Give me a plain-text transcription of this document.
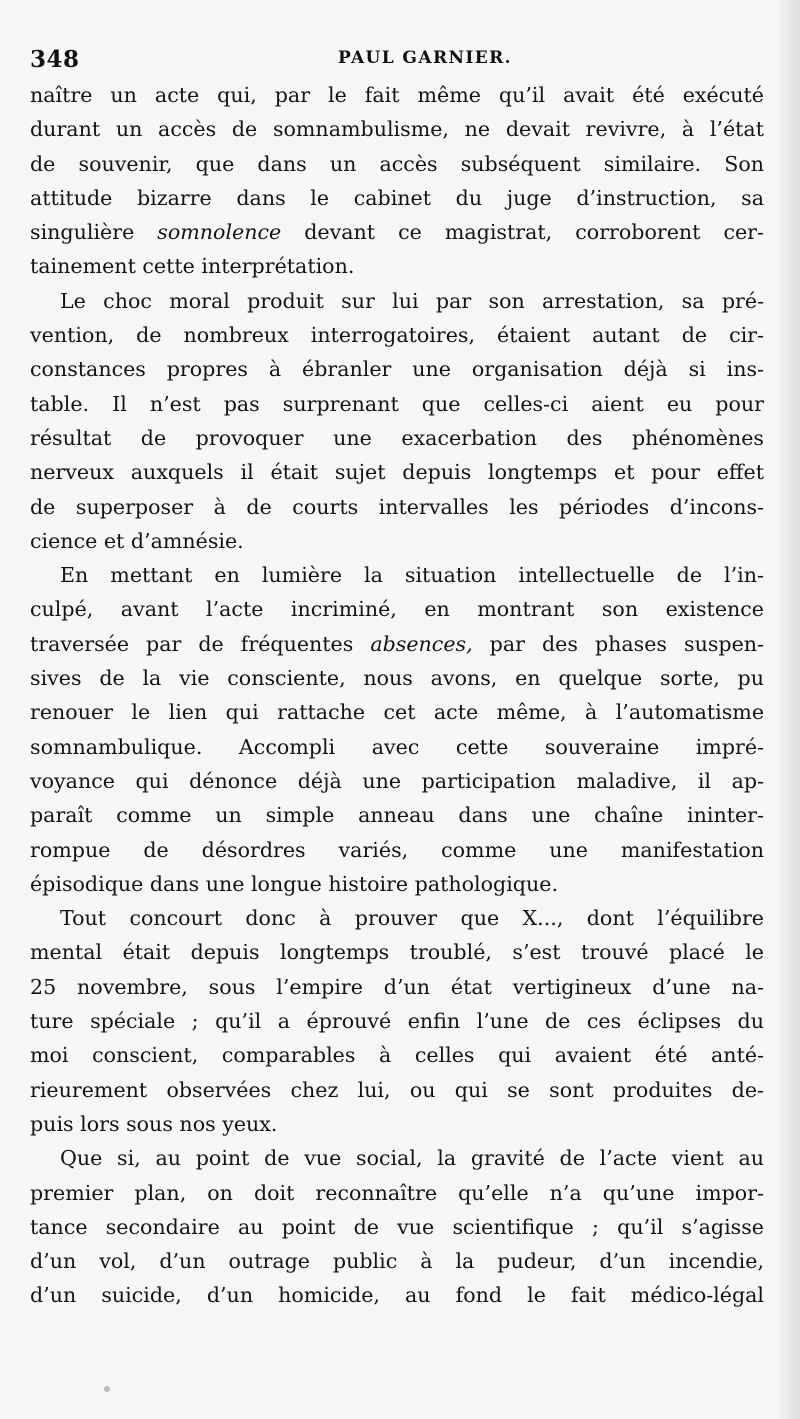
348	PAUL GARNIER.
naître un acte qui, par le fait même qu’il avait été exécuté
durant un accès de somnambulisme, ne devait revivre, à l’état
de souvenir, que dans un accès subséquent similaire. Son
attitude bizarre dans le cabinet du juge d’instruction, sa
singulière somnolence devant ce magistrat, corroborent cer-
tainement cette interprétation.
Le choc moral produit sur lui par son arrestation, sa pré-
vention, de nombreux interrogatoires, étaient autant de cir-
constances propres à ébranler une organisation déjà si ins-
table. Il n’est pas surprenant que celles-ci aient eu pour
résultat de provoquer une exacerbation des phénomènes
nerveux auxquels il était sujet depuis longtemps et pour effet
de superposer à de courts intervalles les périodes d’incons-
cience et d’amnésie.
En mettant en lumière la situation intellectuelle de l’in-
culpé, avant l’acte incriminé, en montrant son existence
traversée par de fréquentes absences, par des phases suspen-
sives de la vie consciente, nous avons, en quelque sorte, pu
renouer le lien qui rattache cet acte même, à l’automatisme
somnambulique. Accompli avec cette souveraine impré-
voyance qui dénonce déjà une participation maladive, il ap-
paraît comme un simple anneau dans une chaîne ininter-
rompue de désordres variés, comme une manifestation
épisodique dans une longue histoire pathologique.
Tout concourt donc à prouver que X..., dont l’équilibre
mental était depuis longtemps troublé, s’est trouvé placé le
25 novembre, sous l’empire d’un état vertigineux d’une na-
ture spéciale ; qu’il a éprouvé enfin l’une de ces éclipses du
moi conscient, comparables à celles qui avaient été anté-
rieurement observées chez lui, ou qui se sont produites de-
puis lors sous nos yeux.
Que si, au point de vue social, la gravité de l’acte vient au
premier plan, on doit reconnaître qu’elle n’a qu’une impor-
tance secondaire au point de vue scientifique ; qu’il s’agisse
d’un vol, d’un outrage public à la pudeur, d’un incendie,
d’un suicide, d’un homicide, au fond le fait médico-légal
